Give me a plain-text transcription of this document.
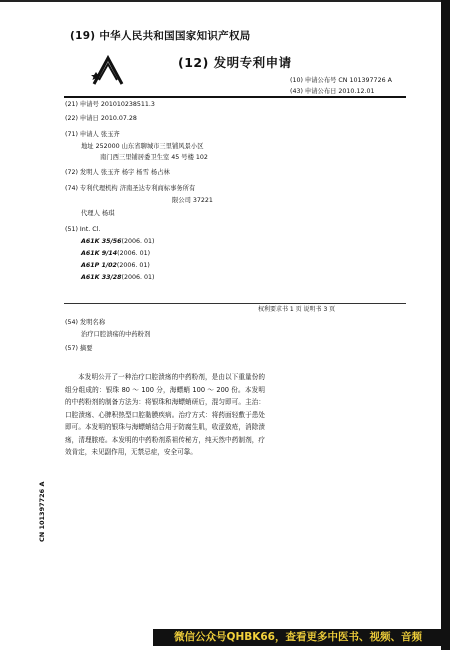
(19) 中华人民共和国国家知识产权局
(12) 发明专利申请
(10) 申请公布号 CN 101397726 A
(43) 申请公布日 2010.12.01
(21) 申请号 201010238511.3
(22) 申请日 2010.07.28
(71) 申请人 张玉齐
地址 252000 山东省聊城市三里铺风景小区
南门西三里铺居委卫生室 45 号楼 102
(72) 发明人 张玉齐 杨宇 杨雪 杨占林
(74) 专利代理机构 济南圣达专利商标事务所有
限公司 37221
代理人 杨琪
(51) Int. Cl.
A61K 35/56(2006. 01)
A61K 9/14(2006. 01)
A61P 1/02(2006. 01)
A61K 33/28(2006. 01)
权利要求书 1 页 说明书 3 页
(54) 发明名称
治疗口腔溃疡的中药粉剂
(57) 摘要
本发明公开了一种治疗口腔溃疡的中药粉剂，是由以下重量份的组分组成的：银珠 80 ～ 100 分，海螵蛸 100 ～ 200 份。本发明的中药粉剂的制备方法为：将银珠和海螵蛸研后，混匀即可。主治：口腔溃疡、心脾积热型口腔黏膜疾病。治疗方式：将药面轻敷于患处即可。本发明的银珠与海螵蛸结合用于防腐生肌，收涩敛疮，消除溃疡，清理脓疮。本发明的中药粉剂系祖传秘方，纯天然中药制剂，疗效肯定，未见副作用，无禁忌症，安全可靠。
CN 101397726 A
微信公众号QHBK66，查看更多中医书、视频、音频
